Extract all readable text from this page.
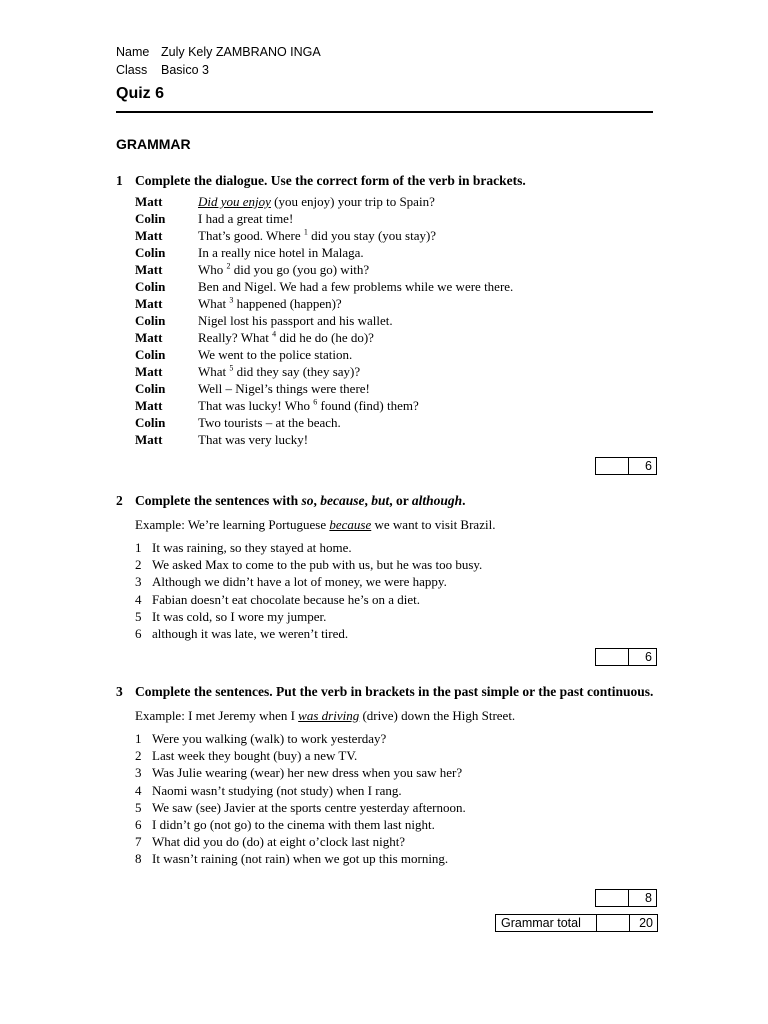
Name Zuly Kely ZAMBRANO INGA
Class Basico 3
Quiz 6
GRAMMAR
1 Complete the dialogue. Use the correct form of the verb in brackets.
Matt	Did you enjoy (you enjoy) your trip to Spain?
Colin	I had a great time!
Matt	That’s good. Where $^1$ did you stay (you stay)?
Colin	In a really nice hotel in Malaga.
Matt	Who $^2$ did you go (you go) with?
Colin	Ben and Nigel. We had a few problems while we were there.
Matt	What $^3$ happened (happen)?
Colin	Nigel lost his passport and his wallet.
Matt	Really? What $^4$ did he do (he do)?
Colin	We went to the police station.
Matt	What $^5$ did they say (they say)?
Colin	Well – Nigel’s things were there!
Matt	That was lucky! Who $^6$ found (find) them?
Colin	Two tourists – at the beach.
Matt	That was very lucky!
6
2 Complete the sentences with so, because, but, or although.
Example: We’re learning Portuguese because we want to visit Brazil.
1 It was raining, so they stayed at home.
2 We asked Max to come to the pub with us, but he was too busy.
3 Although we didn’t have a lot of money, we were happy.
4 Fabian doesn’t eat chocolate because he’s on a diet.
5 It was cold, so I wore my jumper.
6 although it was late, we weren’t tired.
6
3 Complete the sentences. Put the verb in brackets in the past simple or the past continuous.
Example: I met Jeremy when I was driving (drive) down the High Street.
1 Were you walking (walk) to work yesterday?
2 Last week they bought (buy) a new TV.
3 Was Julie wearing (wear) her new dress when you saw her?
4 Naomi wasn’t studying (not study) when I rang.
5 We saw (see) Javier at the sports centre yesterday afternoon.
6 I didn’t go (not go) to the cinema with them last night.
7 What did you do (do) at eight o’clock last night?
8 It wasn’t raining (not rain) when we got up this morning.
8
Grammar total	20
